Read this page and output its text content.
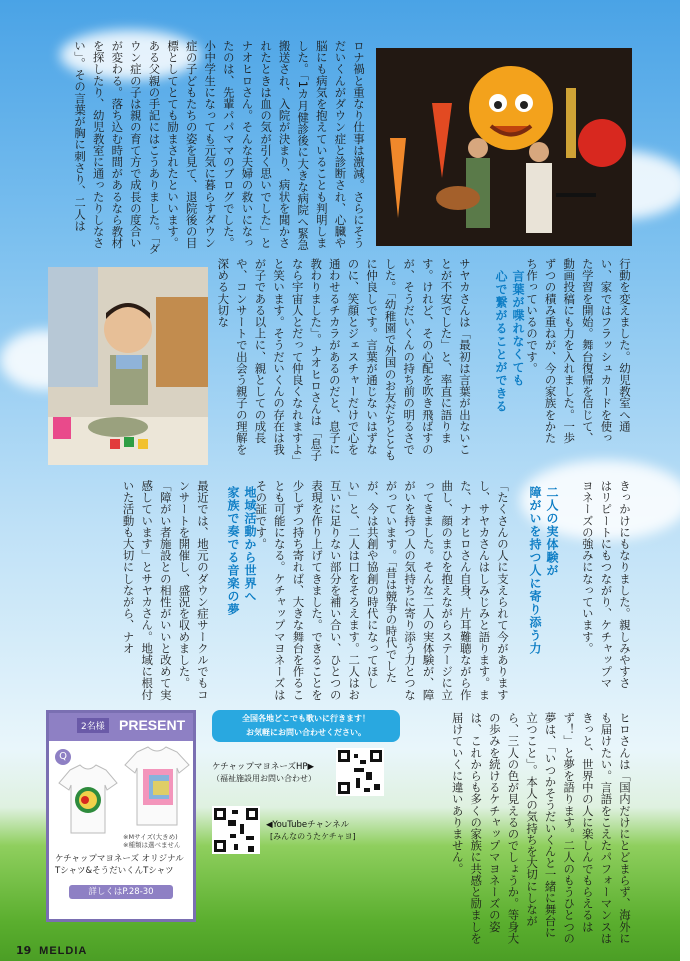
ロナ禍と重なり仕事は激減。さらにそうだいくんがダウン症と診断され、心臓や脳にも病気を抱えていることも判明しました。「1カ月健診後に大きな病院へ緊急搬送され、入院が決まり、病状を聞かされたときは血の気が引く思いでした」とナオヒロさん。そんな夫婦の救いになったのは、先輩パパママのブログでした。小中学生になっても元気に暮らすダウン症の子どもたちの姿を見て、退院後の目標としてとても励まされたといいます。ある父親の手記にはこうありました。「ダウン症の子は親の育て方で成長の度合いが変わる。落ち込む時間があるなら教材を探したり、幼児教室に通ったりしなさい」。その言葉が胸に刺さり、二人は
行動を変えました。幼児教室へ通い、家ではフラッシュカードを使った学習を開始。舞台復帰を信じて、動画投稿にも力を入れました。一歩ずつの積み重ねが、今の家族をかたち作っているのです。
言葉が喋れなくても
心で繋がることができる
サヤカさんは「最初は言葉が出ないことが不安でした」と、率直に語ります。けれど、その心配を吹き飛ばすのが、そうだいくんの持ち前の明るさでした。「幼稚園で外国のお友だちとともに仲良しです。言葉が通じないはずなのに、笑顔とジェスチャーだけで心を通わせるチカラがあるのだと、息子に教わりました」。ナオヒロさんは「息子なら宇宙人とだって仲良くなれますよ」と笑います。そうだいくんの存在は我が子である以上に、親としての成長や、コンサートで出会う親子の理解を深める大切な
きっかけにもなりました。親しみやすさはリピートにもつながり、ケチャップマヨネーズの強みになっています。
二人の実体験が
障がいを持つ人に寄り添う力
「たくさんの人に支えられて今がありますし、サヤカさんはしみじみと語ります。また、ナオヒロさん自身、片耳難聴ながら作曲し、顔のまひを抱えながらステージに立ってきました。そんな二人の実体験が、障がいを持つ人の気持ちに寄り添う力とつながっています。「昔は競争の時代でしたが、今は共創や協創の時代になってほしい」と、二人は口をそろえます。二人はお互いに足りない部分を補い合い、ひとつの表現を作り上げてきました。できることを少しずつ持ち寄れば、大きな舞台を作ることも可能になる。ケチャップマヨネーズはその証です。
地域活動から世界へ
家族で奏でる音楽の夢
最近では、地元のダウン症サークルでもコンサートを開催し、盛況を収めました。「障がい者施設との相性がいいと改めて実感しています」とサヤカさん。地域に根付いた活動も大切にしながら、ナオ
ヒロさんは「国内だけにとどまらず、海外にも届けたい。言語をこえたパフォーマンスはきっと、世界中の人に楽しんでもらえるはず！」と夢を語ります。二人のもうひとつの夢は、「いつかそうだいくんと一緒に舞台に立つこと」。本人の気持ちを大切にしながら、三人の色が見えるのでしょうか。等身大の歩みを続けるケチャップマヨネーズの姿は、これからも多くの家族に共感と励ましを届けていくに違いありません。
2名様 PRESENT
Q
※Mサイズ(大きめ)
※種類は選べません
ケチャップマヨネーズ オリジナル
Tシャツ&そうだいくんTシャツ
詳しくはP.28-30
全国各地どこでも歌いに行きます！
お気軽にお問い合わせください。
ケチャップマヨネーズHP▶
（福祉施設用お問い合わせ）
◀YouTubeチャンネル
[みんなのうたケチャヨ]
19 MELDIA
